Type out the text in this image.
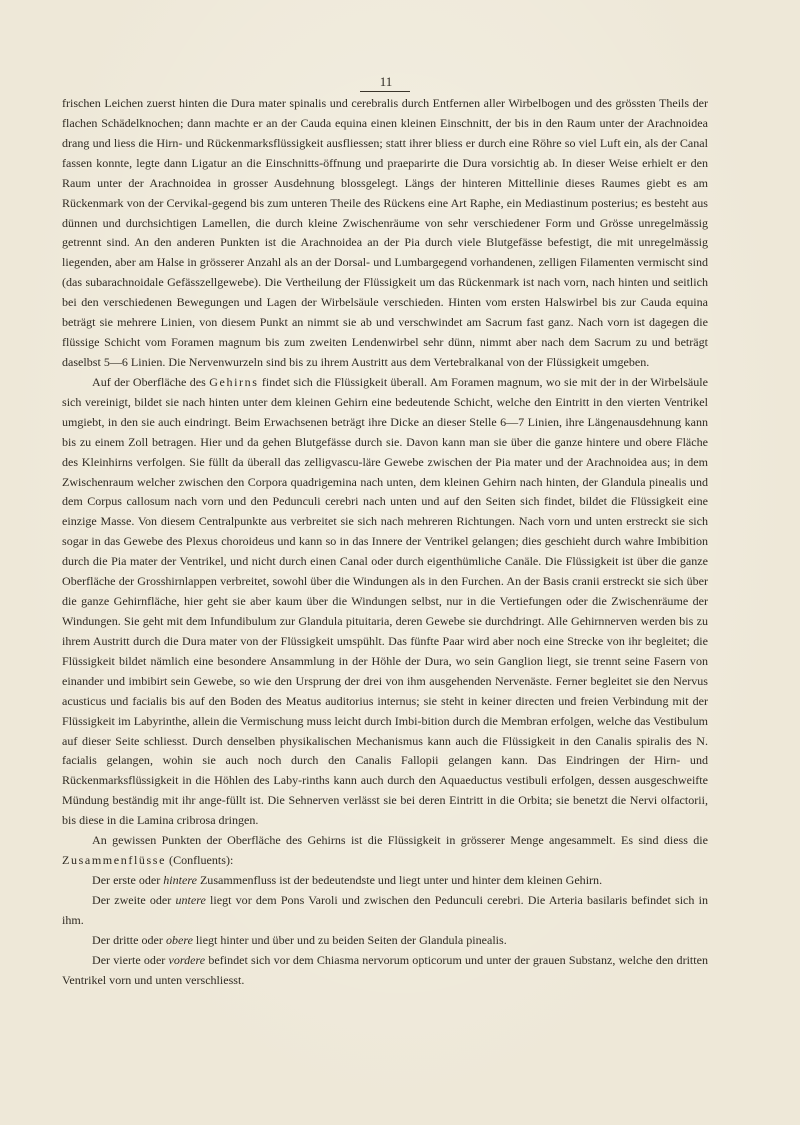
11

frischen Leichen zuerst hinten die Dura mater spinalis und cerebralis durch Entfernen aller Wirbelbogen und des grössten Theils der flachen Schädelknochen; dann machte er an der Cauda equina einen kleinen Einschnitt, der bis in den Raum unter der Arachnoidea drang und liess die Hirn- und Rückenmarksflüssigkeit ausfliessen; statt ihrer bliess er durch eine Röhre so viel Luft ein, als der Canal fassen konnte, legte dann Ligatur an die Einschnitts-öffnung und praeparirte die Dura vorsichtig ab. In dieser Weise erhielt er den Raum unter der Arachnoidea in grosser Ausdehnung blossgelegt. Längs der hinteren Mittellinie dieses Raumes giebt es am Rückenmark von der Cervikal-gegend bis zum unteren Theile des Rückens eine Art Raphe, ein Mediastinum posterius; es besteht aus dünnen und durchsichtigen Lamellen, die durch kleine Zwischenräume von sehr verschiedener Form und Grösse unregelmässig getrennt sind. An den anderen Punkten ist die Arachnoidea an der Pia durch viele Blutgefässe befestigt, die mit unregelmässig liegenden, aber am Halse in grösserer Anzahl als an der Dorsal- und Lumbargegend vorhandenen, zelligen Filamenten vermischt sind (das subarachnoidale Gefässzellgewebe). Die Vertheilung der Flüssigkeit um das Rückenmark ist nach vorn, nach hinten und seitlich bei den verschiedenen Bewegungen und Lagen der Wirbelsäule verschieden. Hinten vom ersten Halswirbel bis zur Cauda equina beträgt sie mehrere Linien, von diesem Punkt an nimmt sie ab und verschwindet am Sacrum fast ganz. Nach vorn ist dagegen die flüssige Schicht vom Foramen magnum bis zum zweiten Lendenwirbel sehr dünn, nimmt aber nach dem Sacrum zu und beträgt daselbst 5—6 Linien. Die Nervenwurzeln sind bis zu ihrem Austritt aus dem Vertebralkanal von der Flüssigkeit umgeben.

Auf der Oberfläche des Gehirns findet sich die Flüssigkeit überall. Am Foramen magnum, wo sie mit der in der Wirbelsäule sich vereinigt, bildet sie nach hinten unter dem kleinen Gehirn eine bedeutende Schicht, welche den Eintritt in den vierten Ventrikel umgiebt, in den sie auch eindringt. Beim Erwachsenen beträgt ihre Dicke an dieser Stelle 6—7 Linien, ihre Längenausdehnung kann bis zu einem Zoll betragen. Hier und da gehen Blutgefässe durch sie. Davon kann man sie über die ganze hintere und obere Fläche des Kleinhirns verfolgen. Sie füllt da überall das zelligvascu-läre Gewebe zwischen der Pia mater und der Arachnoidea aus; in dem Zwischenraum welcher zwischen den Corpora quadrigemina nach unten, dem kleinen Gehirn nach hinten, der Glandula pinealis und dem Corpus callosum nach vorn und den Pedunculi cerebri nach unten und auf den Seiten sich findet, bildet die Flüssigkeit eine einzige Masse. Von diesem Centralpunkte aus verbreitet sie sich nach mehreren Richtungen. Nach vorn und unten erstreckt sie sich sogar in das Gewebe des Plexus choroideus und kann so in das Innere der Ventrikel gelangen; dies geschieht durch wahre Imbibition durch die Pia mater der Ventrikel, und nicht durch einen Canal oder durch eigenthümliche Canäle. Die Flüssigkeit ist über die ganze Oberfläche der Grosshirnlappen verbreitet, sowohl über die Windungen als in den Furchen. An der Basis cranii erstreckt sie sich über die ganze Gehirnfläche, hier geht sie aber kaum über die Windungen selbst, nur in die Vertiefungen oder die Zwischenräume der Windungen. Sie geht mit dem Infundibulum zur Glandula pituitaria, deren Gewebe sie durchdringt. Alle Gehirnnerven werden bis zu ihrem Austritt durch die Dura mater von der Flüssigkeit umspühlt. Das fünfte Paar wird aber noch eine Strecke von ihr begleitet; die Flüssigkeit bildet nämlich eine besondere Ansammlung in der Höhle der Dura, wo sein Ganglion liegt, sie trennt seine Fasern von einander und imbibirt sein Gewebe, so wie den Ursprung der drei von ihm ausgehenden Nervenäste. Ferner begleitet sie den Nervus acusticus und facialis bis auf den Boden des Meatus auditorius internus; sie steht in keiner directen und freien Verbindung mit der Flüssigkeit im Labyrinthe, allein die Vermischung muss leicht durch Imbi-bition durch die Membran erfolgen, welche das Vestibulum auf dieser Seite schliesst. Durch denselben physikalischen Mechanismus kann auch die Flüssigkeit in den Canalis spiralis des N. facialis gelangen, wohin sie auch noch durch den Canalis Fallopii gelangen kann. Das Eindringen der Hirn- und Rückenmarksflüssigkeit in die Höhlen des Laby-rinths kann auch durch den Aquaeductus vestibuli erfolgen, dessen ausgeschweifte Mündung beständig mit ihr ange-füllt ist. Die Sehnerven verlässt sie bei deren Eintritt in die Orbita; sie benetzt die Nervi olfactorii, bis diese in die Lamina cribrosa dringen.

An gewissen Punkten der Oberfläche des Gehirns ist die Flüssigkeit in grösserer Menge angesammelt. Es sind diess die Zusammenflüsse (Confluents):

Der erste oder hintere Zusammenfluss ist der bedeutendste und liegt unter und hinter dem kleinen Gehirn.

Der zweite oder untere liegt vor dem Pons Varoli und zwischen den Pedunculi cerebri. Die Arteria basilaris befindet sich in ihm.

Der dritte oder obere liegt hinter und über und zu beiden Seiten der Glandula pinealis.

Der vierte oder vordere befindet sich vor dem Chiasma nervorum opticorum und unter der grauen Substanz, welche den dritten Ventrikel vorn und unten verschliesst.
